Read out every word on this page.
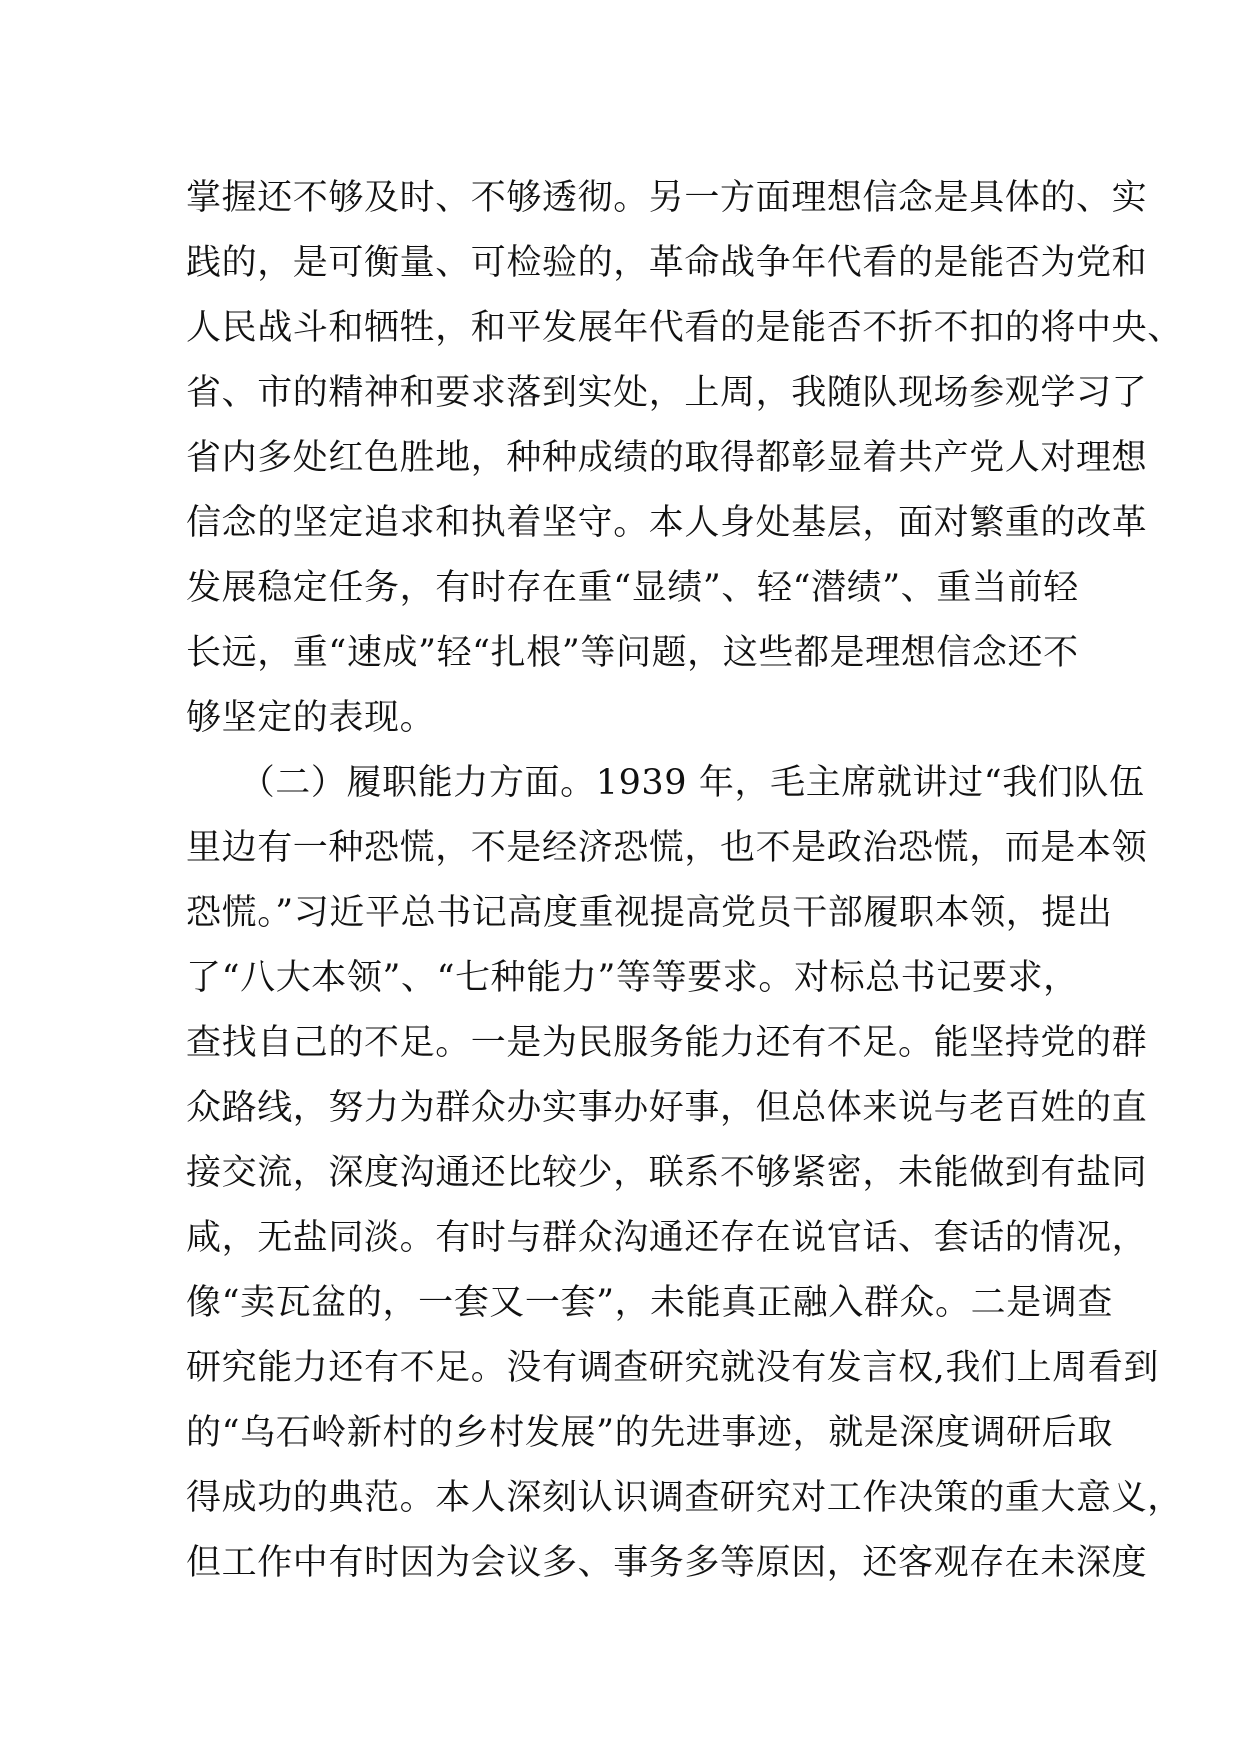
掌握还不够及时、不够透彻。另一方面理想信念是具体的、实
践的，是可衡量、可检验的，革命战争年代看的是能否为党和
人民战斗和牺牲，和平发展年代看的是能否不折不扣的将中央、
省、市的精神和要求落到实处，上周，我随队现场参观学习了
省内多处红色胜地，种种成绩的取得都彰显着共产党人对理想
信念的坚定追求和执着坚守。本人身处基层，面对繁重的改革
发展稳定任务，有时存在重“显绩”、轻“潜绩”、重当前轻
长远，重“速成”轻“扎根”等问题，这些都是理想信念还不
够坚定的表现。
　　（二）履职能力方面。1939 年，毛主席就讲过“我们队伍
里边有一种恐慌，不是经济恐慌，也不是政治恐慌，而是本领
恐慌。”习近平总书记高度重视提高党员干部履职本领，提出
了“八大本领”、“七种能力”等等要求。对标总书记要求，
查找自己的不足。一是为民服务能力还有不足。能坚持党的群
众路线，努力为群众办实事办好事，但总体来说与老百姓的直
接交流，深度沟通还比较少，联系不够紧密，未能做到有盐同
咸，无盐同淡。有时与群众沟通还存在说官话、套话的情况，
像“卖瓦盆的，一套又一套”，未能真正融入群众。二是调查
研究能力还有不足。没有调查研究就没有发言权,我们上周看到
的“乌石岭新村的乡村发展”的先进事迹，就是深度调研后取
得成功的典范。本人深刻认识调查研究对工作决策的重大意义，
但工作中有时因为会议多、事务多等原因，还客观存在未深度
